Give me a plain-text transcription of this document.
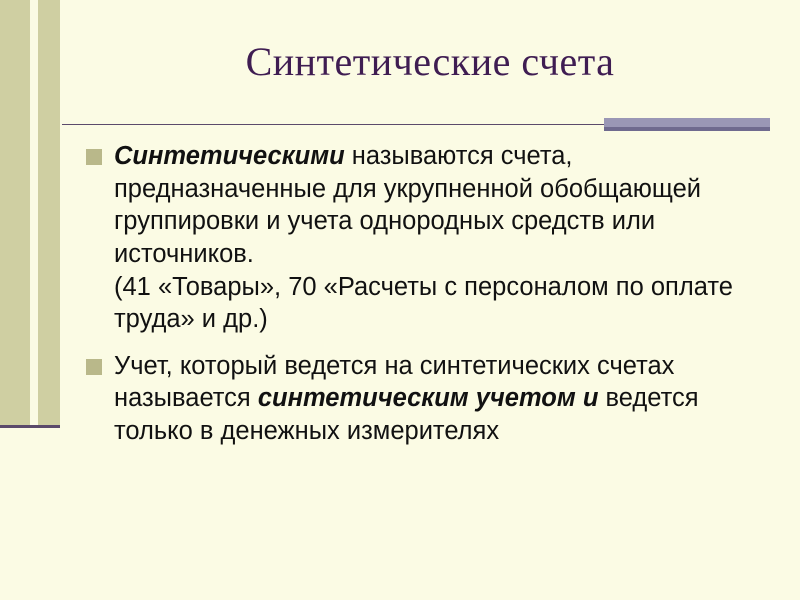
Синтетические счета
Синтетическими называются счета, предназначенные для укрупненной обобщающей группировки и учета однородных средств или источников.
(41 «Товары», 70 «Расчеты с персоналом по оплате труда» и др.)
Учет, который ведется на синтетических счетах называется синтетическим учетом и ведется только в денежных измерителях
